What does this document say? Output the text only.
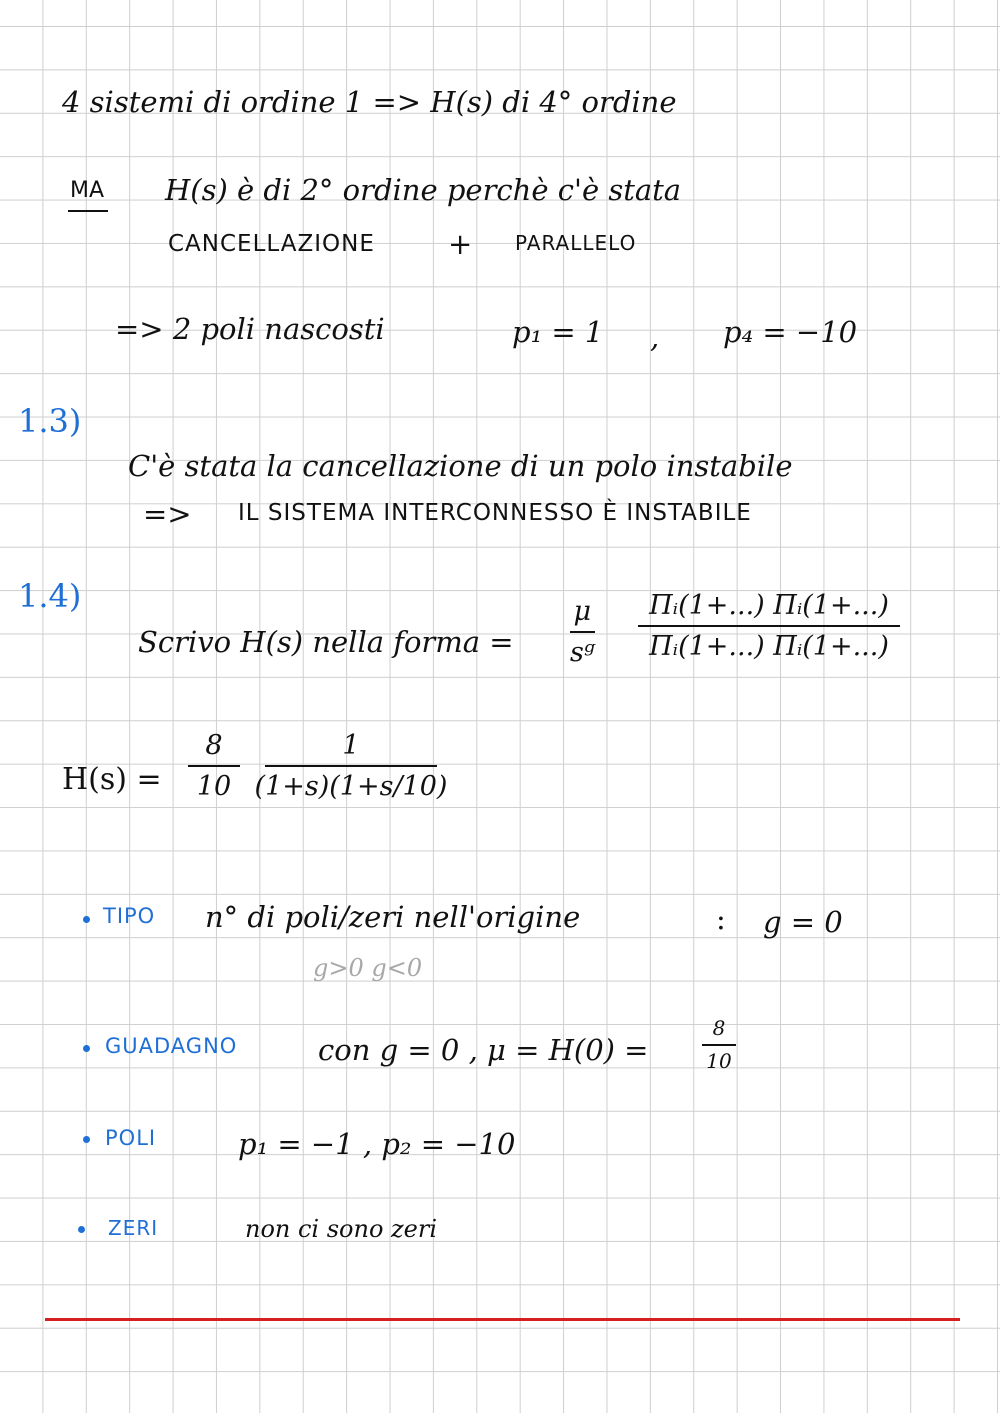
4 sistemi di ordine 1 => H(s) di 4° ordine
MA H(s) è di 2° ordine perchè c'è stata
CANCELLAZIONE	+ PARALLELO
=> 2 poli nascosti	p₁ = 1 , p₄ = −10
1.3)
C'è stata la cancellazione di un polo instabile
=> IL SISTEMA INTERCONNESSO È INSTABILE
1.4)
Scrivo H(s) nella forma =
μ
sᵍ
Πᵢ(1+...) Πᵢ(1+...)
Πᵢ(1+...) Πᵢ(1+...)
H(s) =
8
10
1
(1+s)(1+s/10)
TIPO n° di poli/zeri nell'origine	: g = 0
g>0 g<0
GUADAGNO	con g = 0 , μ = H(0) =
8
10
POLI	p₁ = −1 , p₂ = −10
ZERI	non ci sono zeri
